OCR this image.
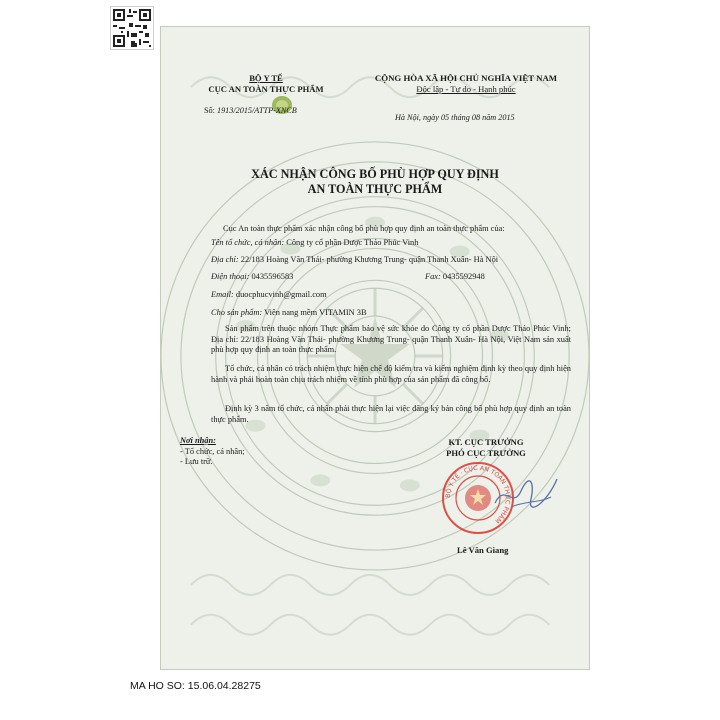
BỘ Y TẾ
CỤC AN TOÀN THỰC PHẨM
Số: 1913/2015/ATTP-XNCB
CỘNG HÒA XÃ HỘI CHỦ NGHĨA VIỆT NAM
Độc lập - Tự do - Hạnh phúc
Hà Nội, ngày 05 tháng 08 năm 2015
XÁC NHẬN CÔNG BỐ PHÙ HỢP QUY ĐỊNH
AN TOÀN THỰC PHẨM
Cục An toàn thực phẩm xác nhận công bố phù hợp quy định an toàn thực phẩm của:
Tên tổ chức, cá nhân: Công ty cổ phần Dược Thảo Phúc Vinh
Địa chỉ: 22/183 Hoàng Văn Thái- phường Khương Trung- quận Thanh Xuân- Hà Nội
Điện thoại: 0435596583	Fax: 0435592948
Email: duocphucvinh@gmail.com
Cho sản phẩm: Viên nang mềm VITAMIN 3B
Sản phẩm trên thuộc nhóm Thực phẩm bảo vệ sức khỏe do Công ty cổ phần Dược Thảo Phúc Vinh; Địa chỉ: 22/183 Hoàng Văn Thái- phường Khương Trung- quận Thanh Xuân- Hà Nội, Việt Nam sản xuất phù hợp quy định an toàn thực phẩm.
Tổ chức, cá nhân có trách nhiệm thực hiện chế độ kiểm tra và kiểm nghiệm định kỳ theo quy định hiện hành và phải hoàn toàn chịu trách nhiệm về tính phù hợp của sản phẩm đã công bố.
Định kỳ 3 năm tổ chức, cá nhân phải thực hiện lại việc đăng ký bản công bố phù hợp quy định an toàn thực phẩm.
Nơi nhận:
- Tổ chức, cá nhân;
- Lưu trữ.
KT. CỤC TRƯỞNG
PHÓ CỤC TRƯỞNG
BỘ Y TẾ · CỤC AN TOÀN THỰC PHẨM
Lê Văn Giang
MA HO SO: 15.06.04.28275
